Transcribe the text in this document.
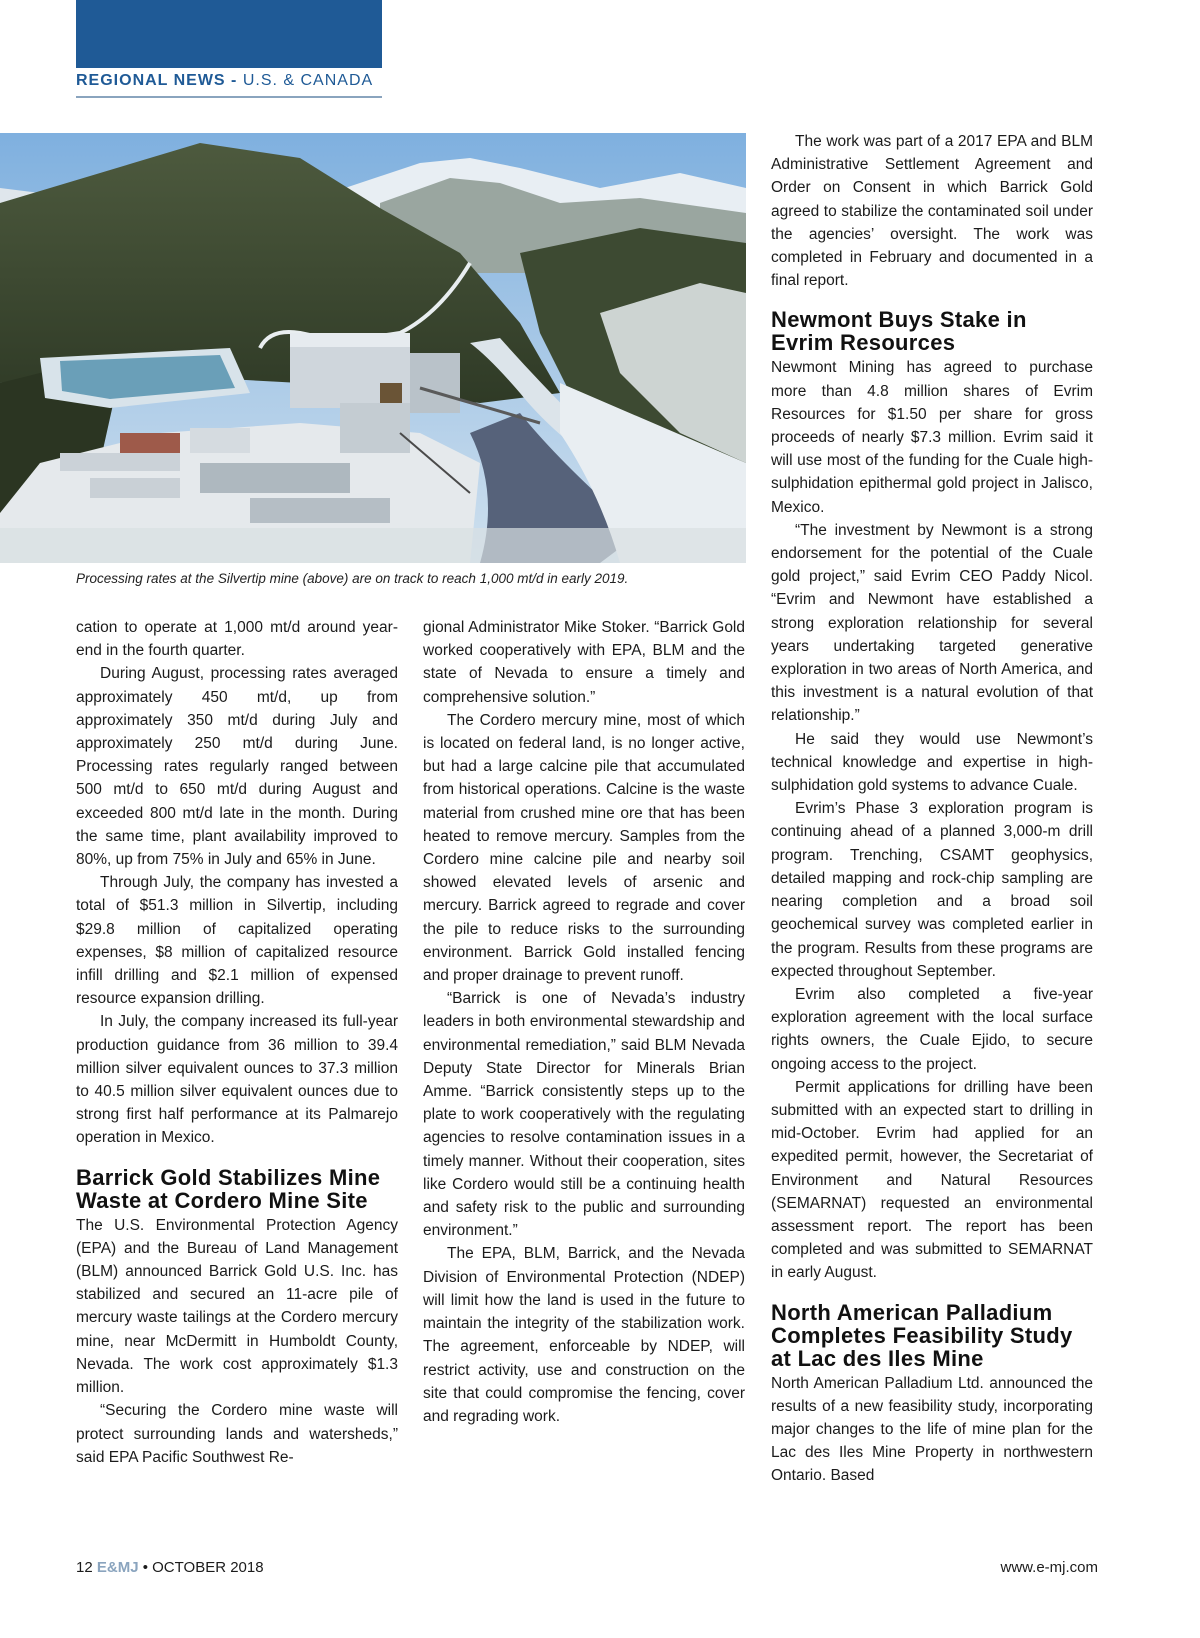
REGIONAL NEWS - U.S. & CANADA
Processing rates at the Silvertip mine (above) are on track to reach 1,000 mt/d in early 2019.

cation to operate at 1,000 mt/d around year-end in the fourth quarter.

During August, processing rates averaged approximately 450 mt/d, up from approximately 350 mt/d during July and approximately 250 mt/d during June. Processing rates regularly ranged between 500 mt/d to 650 mt/d during August and exceeded 800 mt/d late in the month. During the same time, plant availability improved to 80%, up from 75% in July and 65% in June.

Through July, the company has invested a total of $51.3 million in Silvertip, including $29.8 million of capitalized operating expenses, $8 million of capitalized resource infill drilling and $2.1 million of expensed resource expansion drilling.

In July, the company increased its full-year production guidance from 36 million to 39.4 million silver equivalent ounces to 37.3 million to 40.5 million silver equivalent ounces due to strong first half performance at its Palmarejo operation in Mexico.

Barrick Gold Stabilizes Mine Waste at Cordero Mine Site

The U.S. Environmental Protection Agency (EPA) and the Bureau of Land Management (BLM) announced Barrick Gold U.S. Inc. has stabilized and secured an 11-acre pile of mercury waste tailings at the Cordero mercury mine, near McDermitt in Humboldt County, Nevada. The work cost approximately $1.3 million.

“Securing the Cordero mine waste will protect surrounding lands and watersheds,” said EPA Pacific Southwest Re-

gional Administrator Mike Stoker. “Barrick Gold worked cooperatively with EPA, BLM and the state of Nevada to ensure a timely and comprehensive solution.”

The Cordero mercury mine, most of which is located on federal land, is no longer active, but had a large calcine pile that accumulated from historical operations. Calcine is the waste material from crushed mine ore that has been heated to remove mercury. Samples from the Cordero mine calcine pile and nearby soil showed elevated levels of arsenic and mercury. Barrick agreed to regrade and cover the pile to reduce risks to the surrounding environment. Barrick Gold installed fencing and proper drainage to prevent runoff.

“Barrick is one of Nevada’s industry leaders in both environmental stewardship and environmental remediation,” said BLM Nevada Deputy State Director for Minerals Brian Amme. “Barrick consistently steps up to the plate to work cooperatively with the regulating agencies to resolve contamination issues in a timely manner. Without their cooperation, sites like Cordero would still be a continuing health and safety risk to the public and surrounding environment.”

The EPA, BLM, Barrick, and the Nevada Division of Environmental Protection (NDEP) will limit how the land is used in the future to maintain the integrity of the stabilization work. The agreement, enforceable by NDEP, will restrict activity, use and construction on the site that could compromise the fencing, cover and regrading work.

The work was part of a 2017 EPA and BLM Administrative Settlement Agreement and Order on Consent in which Barrick Gold agreed to stabilize the contaminated soil under the agencies’ oversight. The work was completed in February and documented in a final report.

Newmont Buys Stake in Evrim Resources

Newmont Mining has agreed to purchase more than 4.8 million shares of Evrim Resources for $1.50 per share for gross proceeds of nearly $7.3 million. Evrim said it will use most of the funding for the Cuale high-sulphidation epithermal gold project in Jalisco, Mexico.

“The investment by Newmont is a strong endorsement for the potential of the Cuale gold project,” said Evrim CEO Paddy Nicol. “Evrim and Newmont have established a strong exploration relationship for several years undertaking targeted generative exploration in two areas of North America, and this investment is a natural evolution of that relationship.”

He said they would use Newmont’s technical knowledge and expertise in high-sulphidation gold systems to advance Cuale.

Evrim’s Phase 3 exploration program is continuing ahead of a planned 3,000-m drill program. Trenching, CSAMT geophysics, detailed mapping and rock-chip sampling are nearing completion and a broad soil geochemical survey was completed earlier in the program. Results from these programs are expected throughout September.

Evrim also completed a five-year exploration agreement with the local surface rights owners, the Cuale Ejido, to secure ongoing access to the project.

Permit applications for drilling have been submitted with an expected start to drilling in mid-October. Evrim had applied for an expedited permit, however, the Secretariat of Environment and Natural Resources (SEMARNAT) requested an environmental assessment report. The report has been completed and was submitted to SEMARNAT in early August.

North American Palladium Completes Feasibility Study at Lac des Iles Mine

North American Palladium Ltd. announced the results of a new feasibility study, incorporating major changes to the life of mine plan for the Lac des Iles Mine Property in northwestern Ontario. Based

12 E&MJ • OCTOBER 2018	www.e-mj.com
